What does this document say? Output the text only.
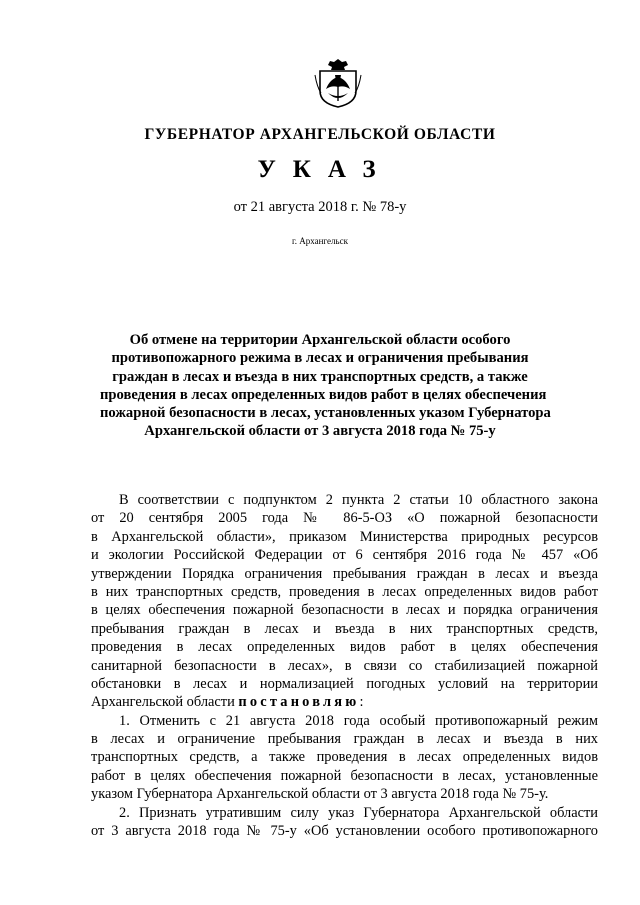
ГУБЕРНАТОР АРХАНГЕЛЬСКОЙ ОБЛАСТИ
УКАЗ
от 21 августа 2018 г. № 78-у
г. Архангельск
Об отмене на территории Архангельской области особого
противопожарного режима в лесах и ограничения пребывания
граждан в лесах и въезда в них транспортных средств, а также
проведения в лесах определенных видов работ в целях обеспечения
пожарной безопасности в лесах, установленных указом Губернатора
Архангельской области от 3 августа 2018 года № 75-у
В соответствии с подпунктом 2 пункта 2 статьи 10 областного закона
от 20 сентября 2005 года № 86-5-ОЗ «О пожарной безопасности
в Архангельской области», приказом Министерства природных ресурсов
и экологии Российской Федерации от 6 сентября 2016 года № 457 «Об
утверждении Порядка ограничения пребывания граждан в лесах и въезда
в них транспортных средств, проведения в лесах определенных видов работ
в целях обеспечения пожарной безопасности в лесах и порядка ограничения
пребывания граждан в лесах и въезда в них транспортных средств,
проведения в лесах определенных видов работ в целях обеспечения
санитарной безопасности в лесах», в связи со стабилизацией пожарной
обстановки в лесах и нормализацией погодных условий на территории
Архангельской области постановляю:
1. Отменить с 21 августа 2018 года особый противопожарный режим
в лесах и ограничение пребывания граждан в лесах и въезда в них
транспортных средств, а также проведения в лесах определенных видов
работ в целях обеспечения пожарной безопасности в лесах, установленные
указом Губернатора Архангельской области от 3 августа 2018 года № 75-у.
2. Признать утратившим силу указ Губернатора Архангельской области
от 3 августа 2018 года № 75-у «Об установлении особого противопожарного
